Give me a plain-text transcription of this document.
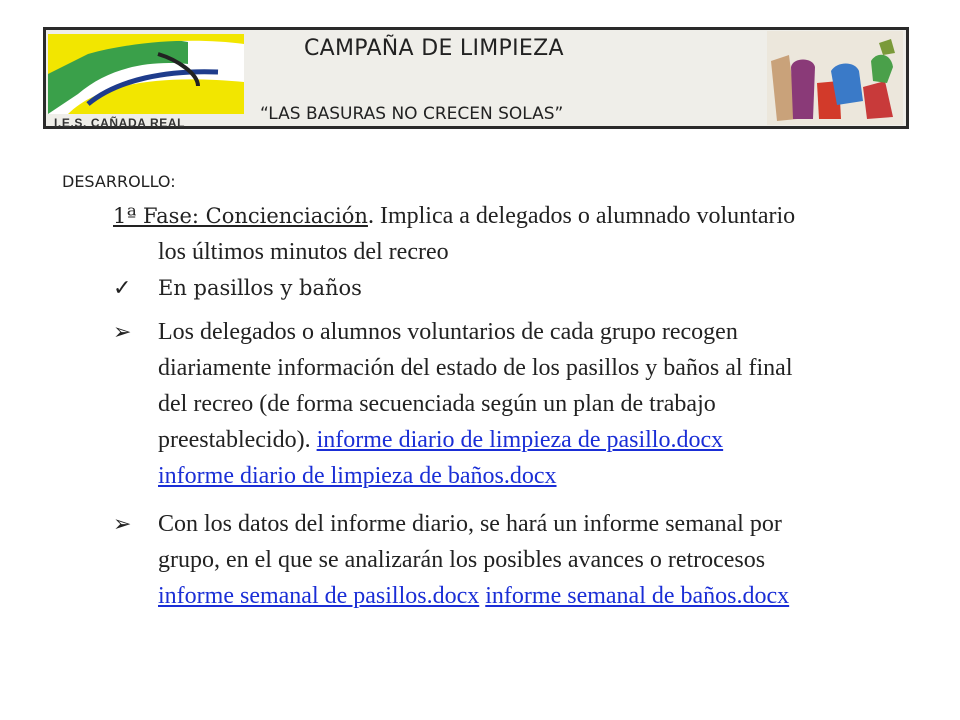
I.E.S. CAÑADA REAL
CAMPAÑA DE LIMPIEZA
“LAS BASURAS NO CRECEN SOLAS”
DESARROLLO:
1ª Fase: Concienciación. Implica a delegados o alumnado voluntario
los últimos minutos del recreo
✓	En pasillos y baños
➢	Los delegados o alumnos voluntarios de cada grupo recogen
diariamente información del estado de los pasillos y baños al final
del recreo (de forma secuenciada según un plan de trabajo
preestablecido). informe diario de limpieza de pasillo.docx
informe diario de limpieza de baños.docx
➢	Con los datos del informe diario, se hará un informe semanal por
grupo, en el que se analizarán los posibles avances o retrocesos
informe semanal de pasillos.docx informe semanal de baños.docx
